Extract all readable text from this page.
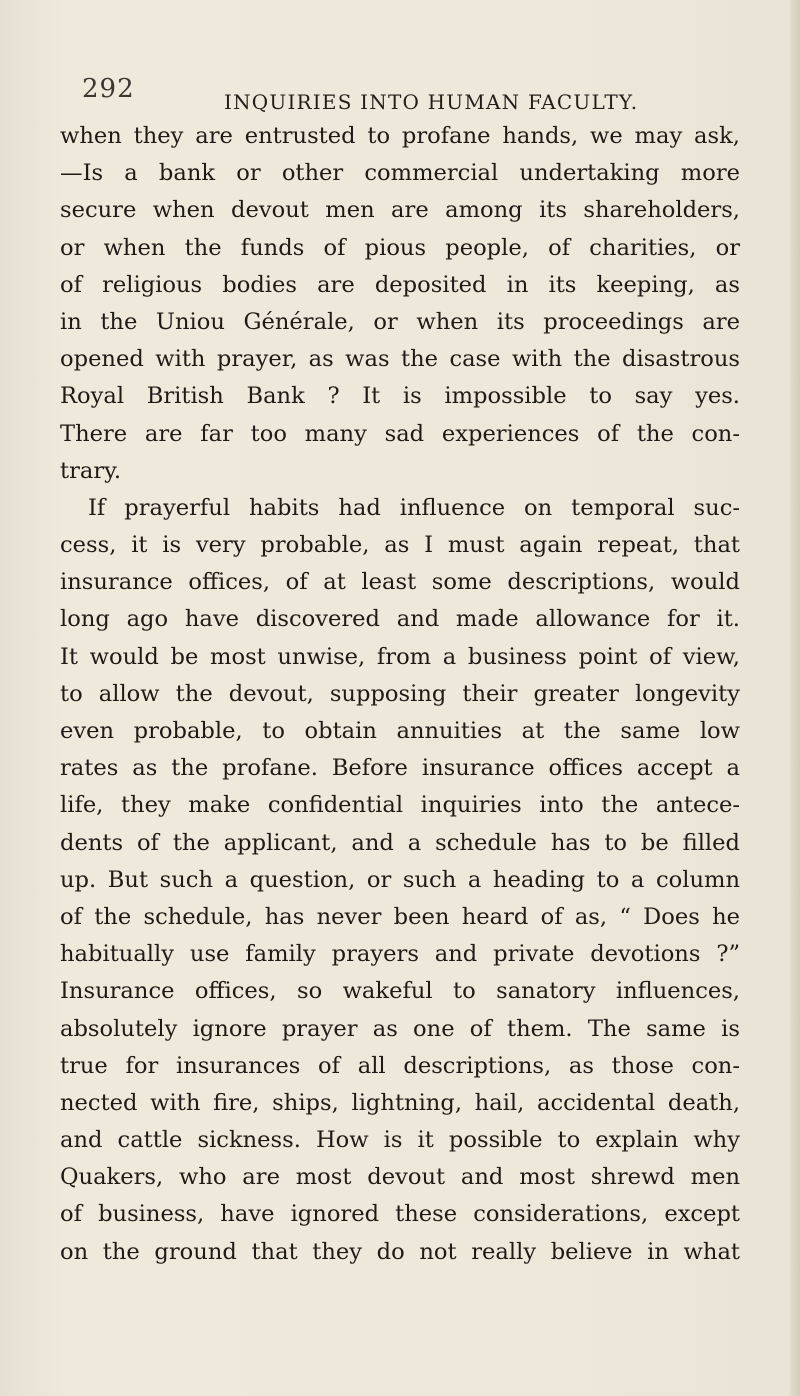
292	INQUIRIES INTO HUMAN FACULTY.
when they are entrusted to profane hands, we may ask,
—Is a bank or other commercial undertaking more
secure when devout men are among its shareholders,
or when the funds of pious people, of charities, or
of religious bodies are deposited in its keeping, as
in the Uniou Générale, or when its proceedings are
opened with prayer, as was the case with the disastrous
Royal British Bank ? It is impossible to say yes.
There are far too many sad experiences of the con-
trary.
If prayerful habits had influence on temporal suc-
cess, it is very probable, as I must again repeat, that
insurance offices, of at least some descriptions, would
long ago have discovered and made allowance for it.
It would be most unwise, from a business point of view,
to allow the devout, supposing their greater longevity
even probable, to obtain annuities at the same low
rates as the profane. Before insurance offices accept a
life, they make confidential inquiries into the antece-
dents of the applicant, and a schedule has to be filled
up. But such a question, or such a heading to a column
of the schedule, has never been heard of as, “ Does he
habitually use family prayers and private devotions ?”
Insurance offices, so wakeful to sanatory influences,
absolutely ignore prayer as one of them. The same is
true for insurances of all descriptions, as those con-
nected with fire, ships, lightning, hail, accidental death,
and cattle sickness. How is it possible to explain why
Quakers, who are most devout and most shrewd men
of business, have ignored these considerations, except
on the ground that they do not really believe in what
